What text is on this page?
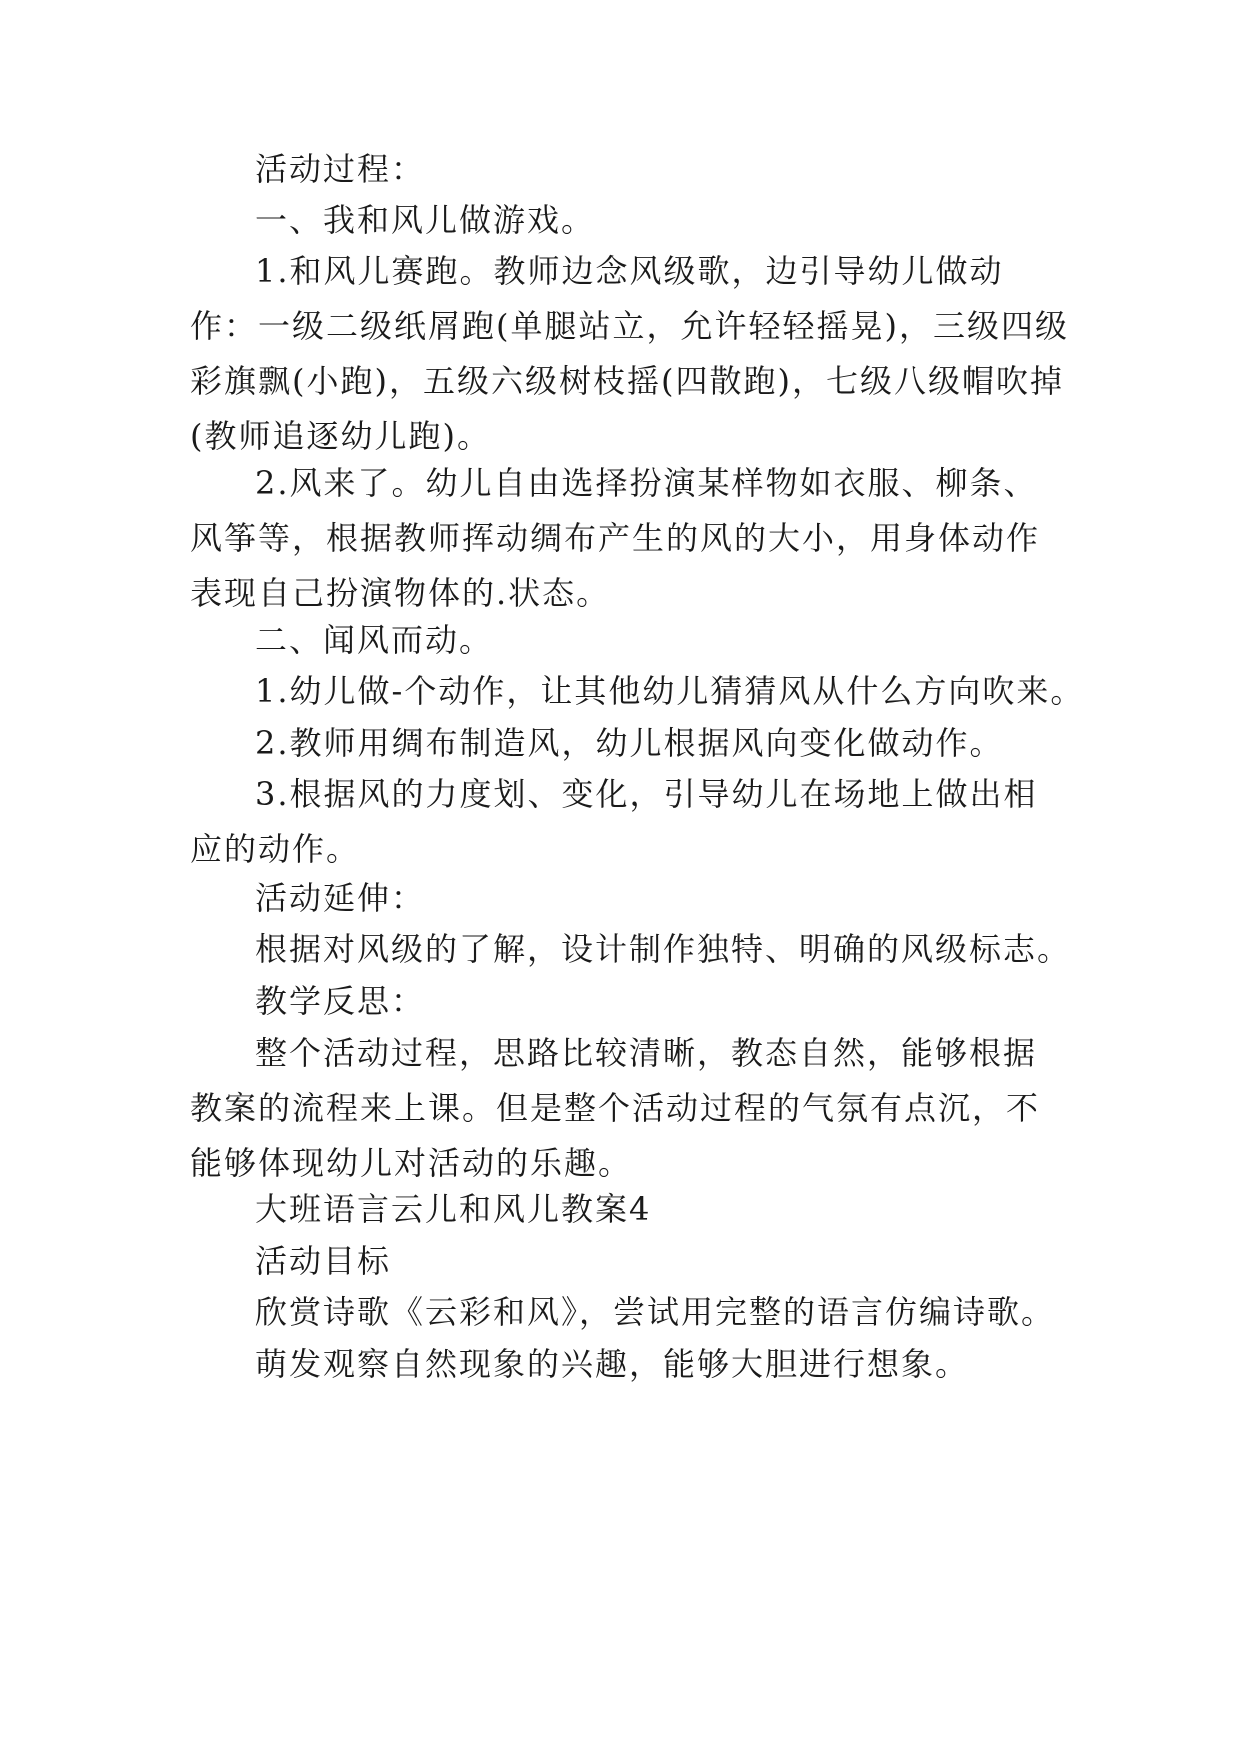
活动过程：

一、我和风儿做游戏。

1.和风儿赛跑。教师边念风级歌，边引导幼儿做动作：一级二级纸屑跑(单腿站立，允许轻轻摇晃)，三级四级彩旗飘(小跑)，五级六级树枝摇(四散跑)，七级八级帽吹掉(教师追逐幼儿跑)。

2.风来了。幼儿自由选择扮演某样物如衣服、柳条、风筝等，根据教师挥动绸布产生的风的大小，用身体动作表现自己扮演物体的.状态。

二、闻风而动。

1.幼儿做-个动作，让其他幼儿猜猜风从什么方向吹来。

2.教师用绸布制造风，幼儿根据风向变化做动作。

3.根据风的力度划、变化，引导幼儿在场地上做出相应的动作。

活动延伸：

根据对风级的了解，设计制作独特、明确的风级标志。

教学反思：

整个活动过程，思路比较清晰，教态自然，能够根据教案的流程来上课。但是整个活动过程的气氛有点沉，不能够体现幼儿对活动的乐趣。

大班语言云儿和风儿教案4

活动目标

欣赏诗歌《云彩和风》，尝试用完整的语言仿编诗歌。

萌发观察自然现象的兴趣，能够大胆进行想象。
